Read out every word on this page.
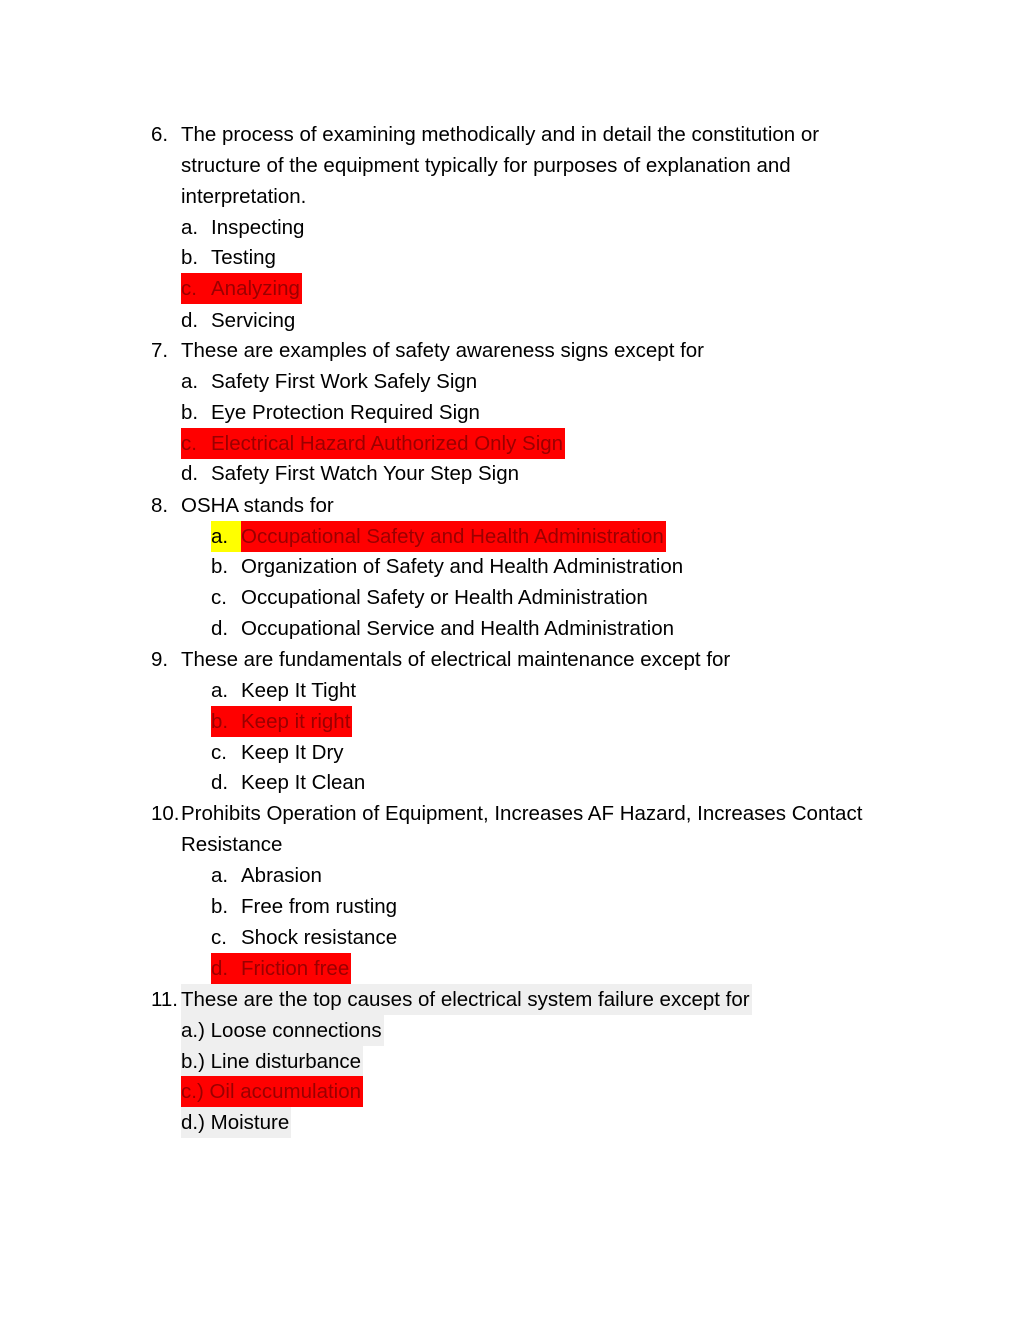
6. The process of examining methodically and in detail the constitution or structure of the equipment typically for purposes of explanation and interpretation.
a. Inspecting
b. Testing
c. Analyzing
d. Servicing
7. These are examples of safety awareness signs except for
a. Safety First Work Safely Sign
b. Eye Protection Required Sign
c. Electrical Hazard Authorized Only Sign
d. Safety First Watch Your Step Sign
8. OSHA stands for
a. Occupational Safety and Health Administration
b. Organization of Safety and Health Administration
c. Occupational Safety or Health Administration
d. Occupational Service and Health Administration
9. These are fundamentals of electrical maintenance except for
a. Keep It Tight
b. Keep it right
c. Keep It Dry
d. Keep It Clean
10. Prohibits Operation of Equipment, Increases AF Hazard, Increases Contact Resistance
a. Abrasion
b. Free from rusting
c. Shock resistance
d. Friction free
11. These are the top causes of electrical system failure except for
a.) Loose connections
b.) Line disturbance
c.) Oil accumulation
d.) Moisture
